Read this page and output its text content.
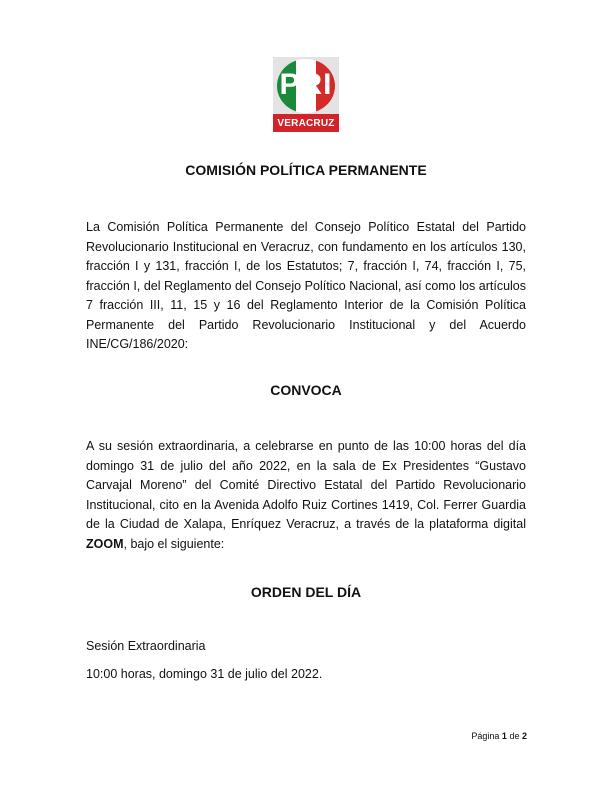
PRI
VERACRUZ
COMISIÓN POLÍTICA PERMANENTE

La Comisión Política Permanente del Consejo Político Estatal del Partido Revolucionario Institucional en Veracruz, con fundamento en los artículos 130, fracción I y 131, fracción I, de los Estatutos; 7, fracción I, 74, fracción I, 75, fracción I, del Reglamento del Consejo Político Nacional, así como los artículos 7 fracción III, 11, 15 y 16 del Reglamento Interior de la Comisión Política Permanente del Partido Revolucionario Institucional y del Acuerdo INE/CG/186/2020:

CONVOCA

A su sesión extraordinaria, a celebrarse en punto de las 10:00 horas del día domingo 31 de julio del año 2022, en la sala de Ex Presidentes “Gustavo Carvajal Moreno” del Comité Directivo Estatal del Partido Revolucionario Institucional, cito en la Avenida Adolfo Ruiz Cortines 1419, Col. Ferrer Guardia de la Ciudad de Xalapa, Enríquez Veracruz, a través de la plataforma digital ZOOM, bajo el siguiente:

ORDEN DEL DÍA

Sesión Extraordinaria

10:00 horas, domingo 31 de julio del 2022.

Página 1 de 2
